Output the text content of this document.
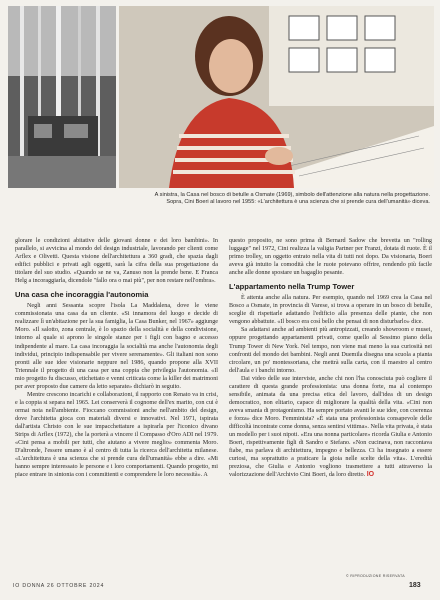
A sinistra, la Casa nel bosco di betulle a Osmate (1969), simbolo dell'attenzione alla natura nella progettazione.

Sopra, Cini Boeri al lavoro nel 1955: «L'architettura è una scienza che si prende cura dell'umanità» diceva.

glorare le condizioni abitative delle giovani donne e dei loro bambini». In parallelo, si avvicina al mondo del design industriale, lavorando per clienti come Arflex e Olivetti. Questa visione dell'architettura a 360 gradi, che spazia dagli edifici pubblici e privati agli oggetti, sarà la cifra della sua progettazione da titolare del suo studio. «Quando se ne va, Zanuso non la prende bene. E Franca Helg a incoraggiarla, dicendole "fallo ora o mai più", per non restare nell'ombra».

Una casa che incoraggia l'autonomia

Negli anni Sessanta scopre l'isola La Maddalena, dove le viene commissionata una casa da un cliente. «Si innamora del luogo e decide di realizzare lì un'abitazione per la sua famiglia, la Casa Bunker, nel 1967» aggiunge Moro. «Il salotto, zona centrale, è lo spazio della socialità e della condivisione, intorno al quale si aprono le singole stanze per i figli con bagno e accesso indipendente al mare. La casa incoraggia la socialità ma anche l'autonomia degli individui, principio indispensabile per vivere serenamente». Gli italiani non sono pronti alle sue idee visionarie neppure nel 1986, quando propone alla XVII Triennale il progetto di una casa per una coppia che privilegia l'autonomia. «Il mio progetto fu discusso, etichettato e venni criticata come la killer dei matrimoni per aver proposto due camere da letto separate» dichiarò in seguito.

Mentre crescono incarichi e collaborazioni, il rapporto con Renato va in crisi, e la coppia si separa nel 1965. Lei conserverà il cognome dell'ex marito, con cui è ormai nota nell'ambiente. Fioccano commissioni anche nell'ambito del design, dove l'architetta gioca con materiali diversi e innovativi. Nel 1971, ispirata dall'artista Christo con le sue impacchettature a ispirarla per l'iconico divano Strips di Arflex (1972), che la porterà a vincere il Compasso d'Oro ADI nel 1979. «Cini pensa a mobili per tutti, che aiutano a vivere meglio» commenta Moro. D'altronde, l'essere umano è al centro di tutta la ricerca dell'architetta milanese. «L'architettura è una scienza che si prende cura dell'umanità» ebbe a dire. «Mi hanno sempre interessato le persone e i loro comportamenti. Quando progetto, mi piace entrare in sintonia con i committenti e comprendere le loro necessità». A

questo proposito, ne sono prima di Bernard Sadow che brevetta un "rolling luggage" nel 1972, Cini realizza la valigia Partner per Franzi, dotata di ruote. È il primo trolley, un oggetto entrato nella vita di tutti noi dopo. Da visionaria, Boeri aveva già intuito la comodità che le ruote potevano offrire, rendendo più facile anche alle donne spostare un bagaglio pesante.

L'appartamento nella Trump Tower

È attenta anche alla natura. Per esempio, quando nel 1969 crea la Casa nel Bosco a Osmate, in provincia di Varese, si trova a operare in un bosco di betulle, sceglie di rispettarle adattando l'edificio alla presenza delle piante, che non vengono abbattute. «Il bosco era così bello che pensai di non disturbarlo» dice.

Sa adattarsi anche ad ambienti più antropizzati, creando showroom e musei, oppure progettando appartamenti privati, come quello al Sessimo piano della Trump Tower di New York. Nel tempo, non viene mai meno la sua curiosità nei confronti del mondo dei bambini. Negli anni Duemila disegna una scuola a pianta circolare, un po' montessoriana, che mettrà sulla carta, con il maestro al centro dell'aula e i banchi intorno.

Dai video delle sue interviste, anche chi non l'ha conosciuta può cogliere il carattere di questa grande professionista: una donna forte, ma al contempo sensibile, animata da una precisa etica del lavoro, dall'idea di un design democratico, non elitario, capace di migliorare la qualità della vita. «Cini non aveva smania di protagonismo. Ha sempre portato avanti le sue idee, con coerenza e forza» dice Moro. Femminista? «È stata una professionista consapevole delle difficoltà incontrate come donna, senza sentirsi vittima». Nella vita privata, è stata un modello per i suoi nipoti. «Era una nonna particolare» ricorda Giulia e Antonio Boeri, rispettivamente figli di Sandro e Stefano. «Non cucinava, non raccontava fiabe, ma parlava di architettura, impegno e bellezza. Ci ha insegnato a essere curiosi, ma soprattutto a praticare la gioia nelle scelte della vita». L'eredità preziosa, che Giulia e Antonio vogliono trasmettere a tutti attraverso la valorizzazione dell'Archivio Cini Boeri, da loro diretto. IO

© RIPRODUZIONE RISERVATA
IO DONNA 26 OTTOBRE 2024	183
